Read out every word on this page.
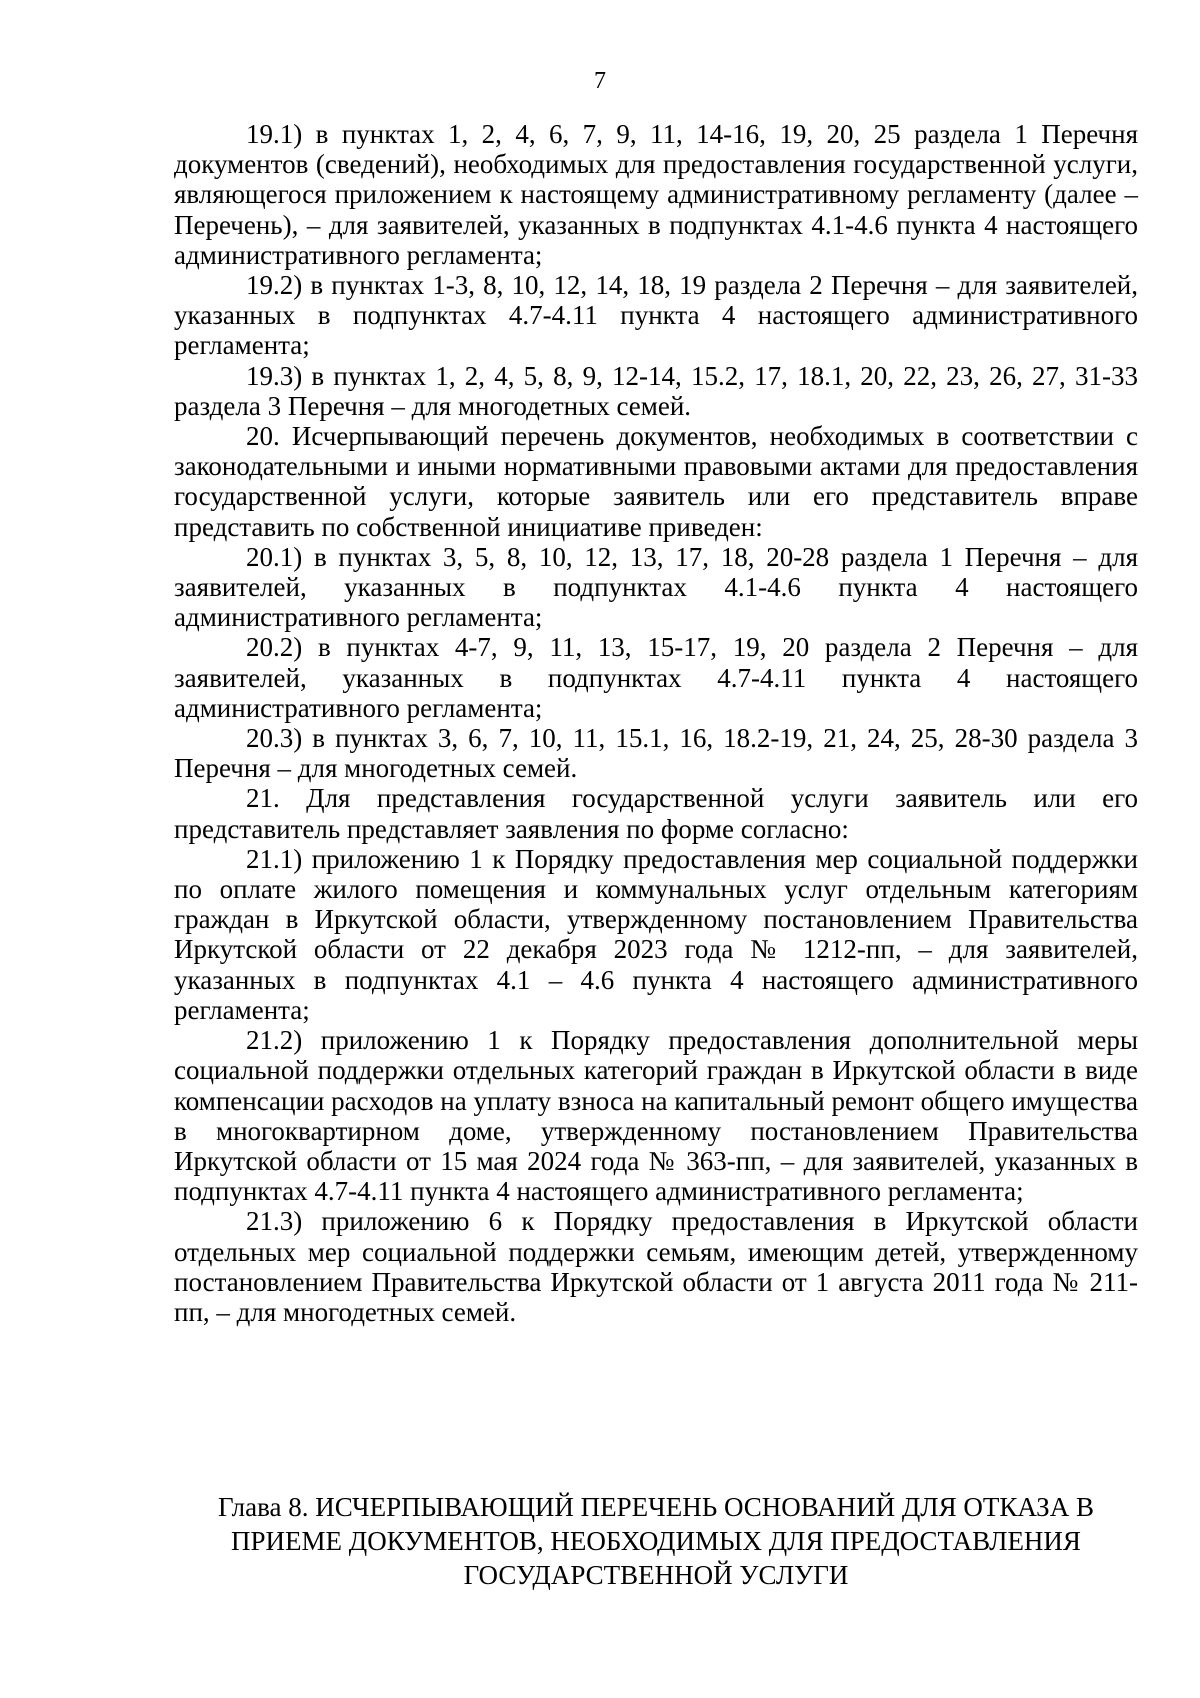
7

19.1) в пунктах 1, 2, 4, 6, 7, 9, 11, 14-16, 19, 20, 25 раздела 1 Перечня документов (сведений), необходимых для предоставления государственной услуги, являющегося приложением к настоящему административному регламенту (далее – Перечень), – для заявителей, указанных в подпунктах 4.1-4.6 пункта 4 настоящего административного регламента;

19.2) в пунктах 1-3, 8, 10, 12, 14, 18, 19 раздела 2 Перечня – для заявителей, указанных в подпунктах 4.7-4.11 пункта 4 настоящего административного регламента;

19.3) в пунктах 1, 2, 4, 5, 8, 9, 12-14, 15.2, 17, 18.1, 20, 22, 23, 26, 27, 31-33 раздела 3 Перечня – для многодетных семей.

20. Исчерпывающий перечень документов, необходимых в соответствии с законодательными и иными нормативными правовыми актами для предоставления государственной услуги, которые заявитель или его представитель вправе представить по собственной инициативе приведен:

20.1) в пунктах 3, 5, 8, 10, 12, 13, 17, 18, 20-28 раздела 1 Перечня – для заявителей, указанных в подпунктах 4.1-4.6 пункта 4 настоящего административного регламента;

20.2) в пунктах 4-7, 9, 11, 13, 15-17, 19, 20 раздела 2 Перечня – для заявителей, указанных в подпунктах 4.7-4.11 пункта 4 настоящего административного регламента;

20.3) в пунктах 3, 6, 7, 10, 11, 15.1, 16, 18.2-19, 21, 24, 25, 28-30 раздела 3 Перечня – для многодетных семей.

21. Для представления государственной услуги заявитель или его представитель представляет заявления по форме согласно:

21.1) приложению 1 к Порядку предоставления мер социальной поддержки по оплате жилого помещения и коммунальных услуг отдельным категориям граждан в Иркутской области, утвержденному постановлением Правительства Иркутской области от 22 декабря 2023 года № 1212-пп, – для заявителей, указанных в подпунктах 4.1 – 4.6 пункта 4 настоящего административного регламента;

21.2) приложению 1 к Порядку предоставления дополнительной меры социальной поддержки отдельных категорий граждан в Иркутской области в виде компенсации расходов на уплату взноса на капитальный ремонт общего имущества в многоквартирном доме, утвержденному постановлением Правительства Иркутской области от 15 мая 2024 года № 363-пп, – для заявителей, указанных в подпунктах 4.7-4.11 пункта 4 настоящего административного регламента;

21.3) приложению 6 к Порядку предоставления в Иркутской области отдельных мер социальной поддержки семьям, имеющим детей, утвержденному постановлением Правительства Иркутской области от 1 августа 2011 года № 211-пп, – для многодетных семей.

Глава 8. ИСЧЕРПЫВАЮЩИЙ ПЕРЕЧЕНЬ ОСНОВАНИЙ ДЛЯ ОТКАЗА В
ПРИЕМЕ ДОКУМЕНТОВ, НЕОБХОДИМЫХ ДЛЯ ПРЕДОСТАВЛЕНИЯ
ГОСУДАРСТВЕННОЙ УСЛУГИ
